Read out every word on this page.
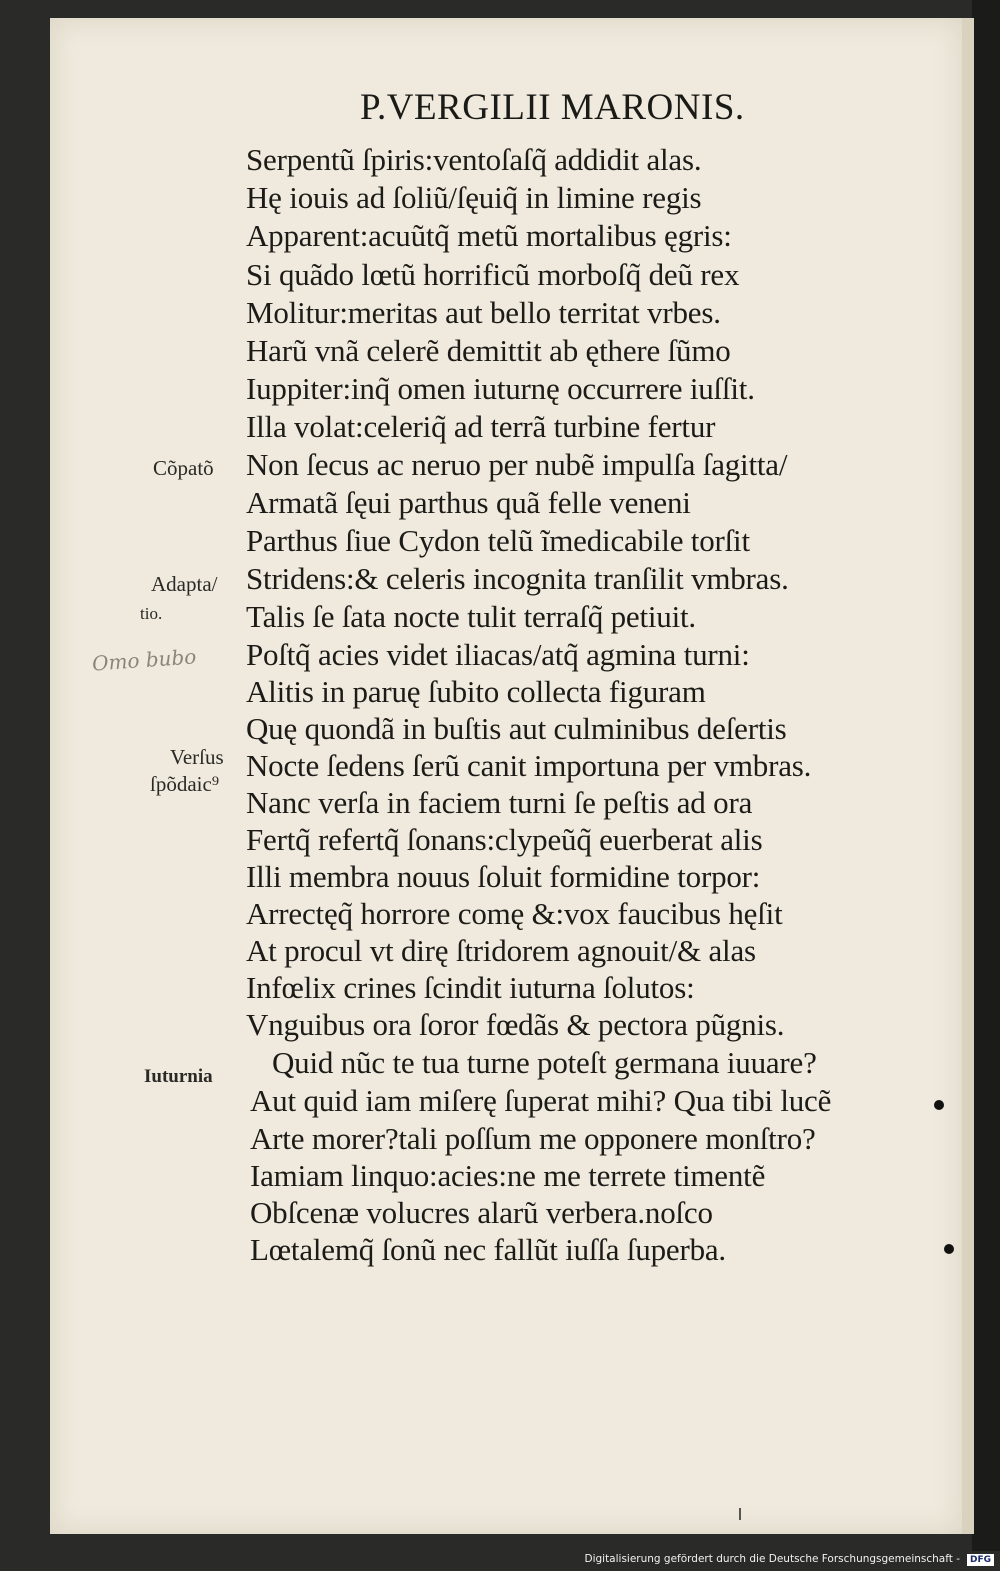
P.VERGILII MARONIS.
Serpentũ ſpiris:ventoſaſq̃ addidit alas.
Hę iouis ad ſoliũ/ſęuiq̃ in limine regis
Apparent:acuũtq̃ metũ mortalibus ęgris:
Si quãdo lœtũ horrificũ morboſq̃ deũ rex
Molitur:meritas aut bello territat vrbes.
Harũ vnã celerẽ demittit ab ęthere ſũmo
Iuppiter:inq̃ omen iuturnę occurrere iuſſit.
Illa volat:celeriq̃ ad terrã turbine fertur
Non ſecus ac neruo per nubẽ impulſa ſagitta/
Armatã ſęui parthus quã felle veneni
Parthus ſiue Cydon telũ ĩmedicabile torſit
Stridens:& celeris incognita tranſilit vmbras.
Talis ſe ſata nocte tulit terraſq̃ petiuit.
Poſtq̃ acies videt iliacas/atq̃ agmina turni:
Alitis in paruę ſubito collecta figuram
Quę quondã in buſtis aut culminibus deſertis
Nocte ſedens ſerũ canit importuna per vmbras.
Nanc verſa in faciem turni ſe peſtis ad ora
Fertq̃ refertq̃ ſonans:clypeũq̃ euerberat alis
Illi membra nouus ſoluit formidine torpor:
Arrectęq̃ horrore comę &:vox faucibus hęſit
At procul vt dirę ſtridorem agnouit/& alas
Infœlix crines ſcindit iuturna ſolutos:
Vnguibus ora ſoror fœdãs & pectora pũgnis.
Quid nũc te tua turne poteſt germana iuuare?
Aut quid iam miſerę ſuperat mihi? Qua tibi lucẽ
Arte morer?tali poſſum me opponere monſtro?
Iamiam linquo:acies:ne me terrete timentẽ
Obſcenæ volucres alarũ verbera.noſco
Lœtalemq̃ ſonũ nec fallũt iuſſa ſuperba.
Cõpatõ
Adapta/
tio.
Verſus
ſpõdaic⁹
Iuturnia
Omo bubo
Digitalisierung gefördert durch die Deutsche Forschungsgemeinschaft -	DFG
